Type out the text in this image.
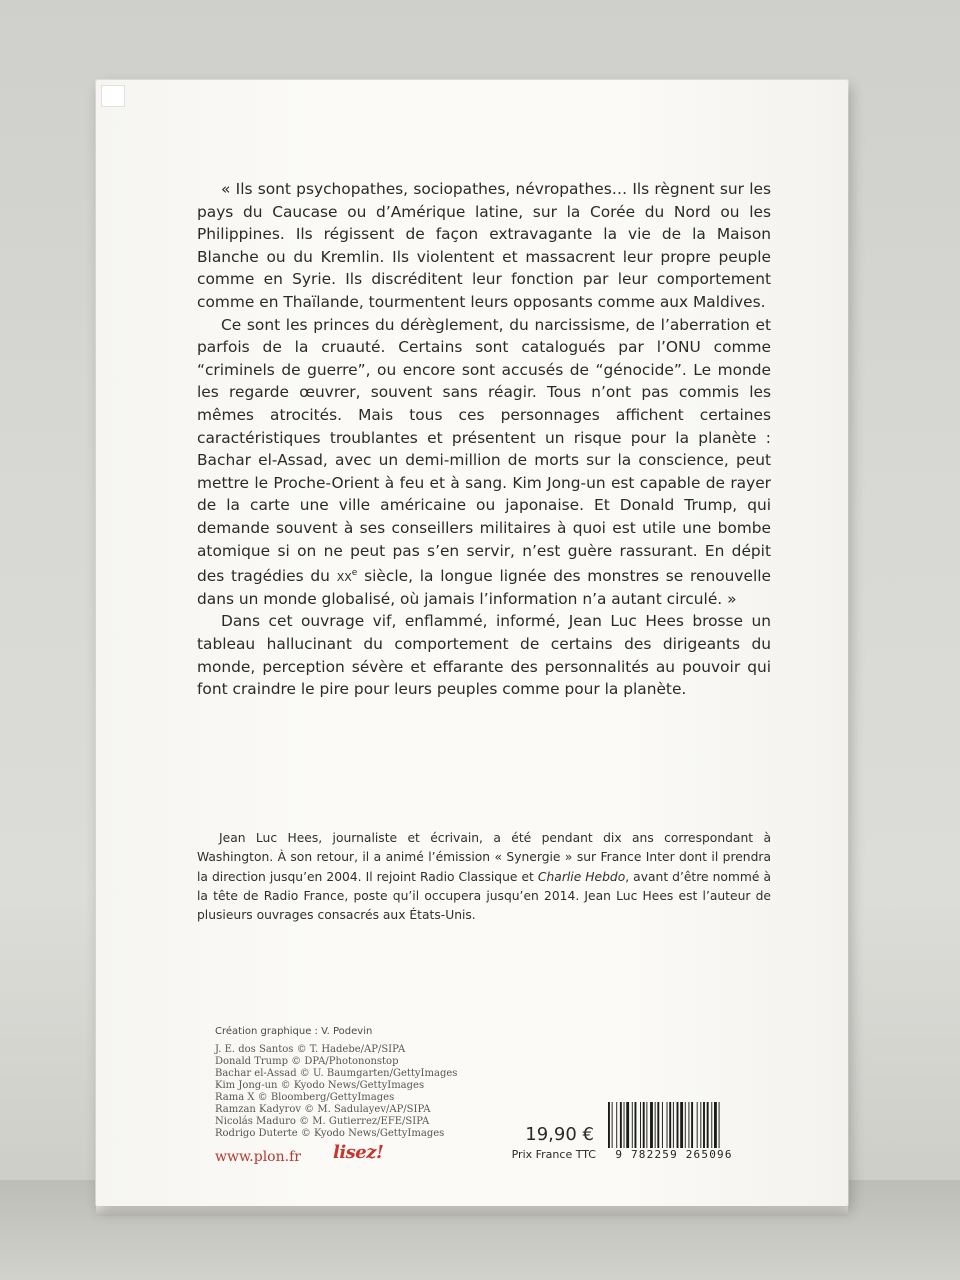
« Ils sont psychopathes, sociopathes, névropathes… Ils règnent sur les pays du Caucase ou d’Amérique latine, sur la Corée du Nord ou les Philippines. Ils régissent de façon extravagante la vie de la Maison Blanche ou du Kremlin. Ils violentent et massacrent leur propre peuple comme en Syrie. Ils discréditent leur fonction par leur comportement comme en Thaïlande, tourmentent leurs opposants comme aux Maldives.

Ce sont les princes du dérèglement, du narcissisme, de l’aberration et parfois de la cruauté. Certains sont catalogués par l’ONU comme “criminels de guerre”, ou encore sont accusés de “génocide”. Le monde les regarde œuvrer, souvent sans réagir. Tous n’ont pas commis les mêmes atrocités. Mais tous ces personnages affichent certaines caractéristiques troublantes et présentent un risque pour la planète : Bachar el-Assad, avec un demi-million de morts sur la conscience, peut mettre le Proche-Orient à feu et à sang. Kim Jong-un est capable de rayer de la carte une ville américaine ou japonaise. Et Donald Trump, qui demande souvent à ses conseillers militaires à quoi est utile une bombe atomique si on ne peut pas s’en servir, n’est guère rassurant. En dépit des tragédies du $xx^e$ siècle, la longue lignée des monstres se renouvelle dans un monde globalisé, où jamais l’information n’a autant circulé. »

Dans cet ouvrage vif, enflammé, informé, Jean Luc Hees brosse un tableau hallucinant du comportement de certains des dirigeants du monde, perception sévère et effarante des personnalités au pouvoir qui font craindre le pire pour leurs peuples comme pour la planète.

Jean Luc Hees, journaliste et écrivain, a été pendant dix ans correspondant à Washington. À son retour, il a animé l’émission « Synergie » sur France Inter dont il prendra la direction jusqu’en 2004. Il rejoint Radio Classique et Charlie Hebdo, avant d’être nommé à la tête de Radio France, poste qu’il occupera jusqu’en 2014. Jean Luc Hees est l’auteur de plusieurs ouvrages consacrés aux États-Unis.

Création graphique : V. Podevin
J. E. dos Santos © T. Hadebe/AP/SIPA
Donald Trump © DPA/Photononstop
Bachar el-Assad © U. Baumgarten/GettyImages
Kim Jong-un © Kyodo News/GettyImages
Rama X © Bloomberg/GettyImages
Ramzan Kadyrov © M. Sadulayev/AP/SIPA
Nicolás Maduro © M. Gutierrez/EFE/SIPA
Rodrigo Duterte © Kyodo News/GettyImages
www.plon.fr lisez!
19,90 €
Prix France TTC	9 782259 265096
